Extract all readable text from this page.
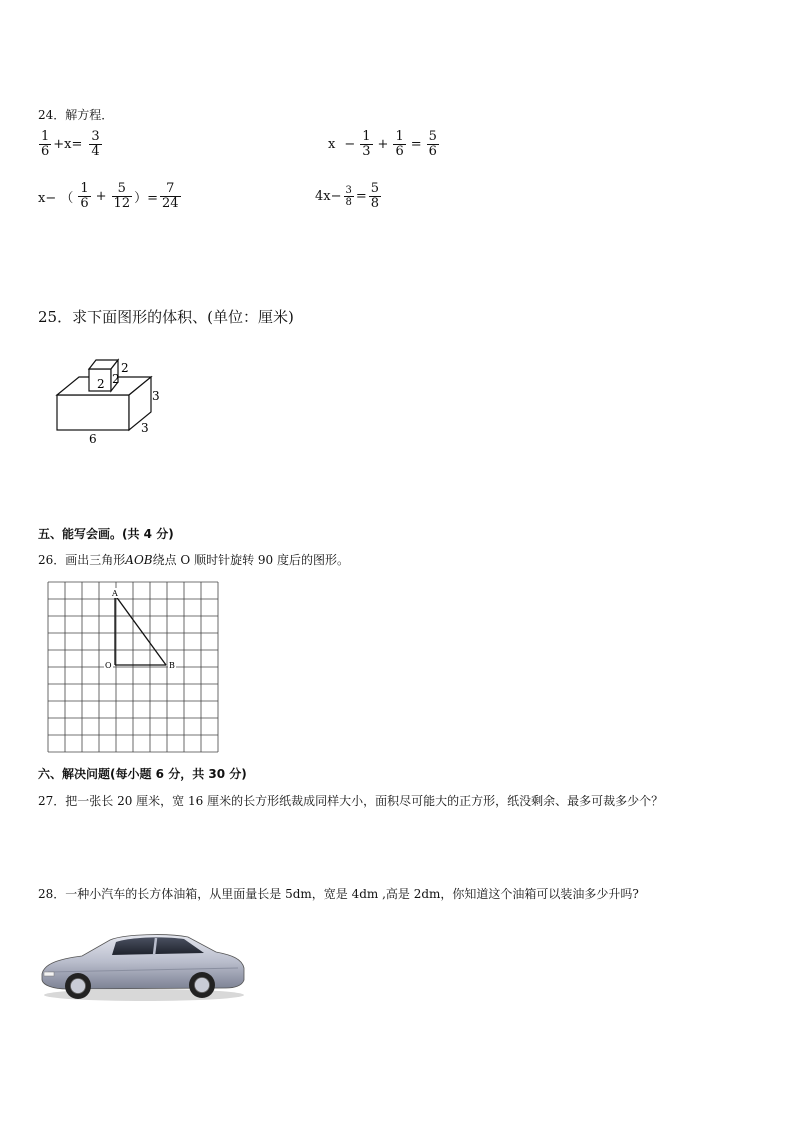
24．解方程．
$\frac{1}{6} +x= \frac{3}{4}$	$x - \frac{1}{3} + \frac{1}{6} = \frac{5}{6}$
x− （ $\frac{1}{6} + \frac{5}{12}$ ）= $\frac{7}{24}$	$4x- \frac{3}{8} = \frac{5}{8}$
25．求下面图形的体积、(单位：厘米)
2 2
2
3
6
3
五、能写会画。(共 4 分)
26．画出三角形AOB绕点 O 顺时针旋转 90 度后的图形。
A
O	B
六、解决问题(每小题 6 分，共 30 分)
27．把一张长 20 厘米，宽 16 厘米的长方形纸裁成同样大小，面积尽可能大的正方形，纸没剩余、最多可裁多少个？
28．一种小汽车的长方体油箱，从里面量长是 5dm，宽是 4dm ,高是 2dm，你知道这个油箱可以装油多少升吗?
